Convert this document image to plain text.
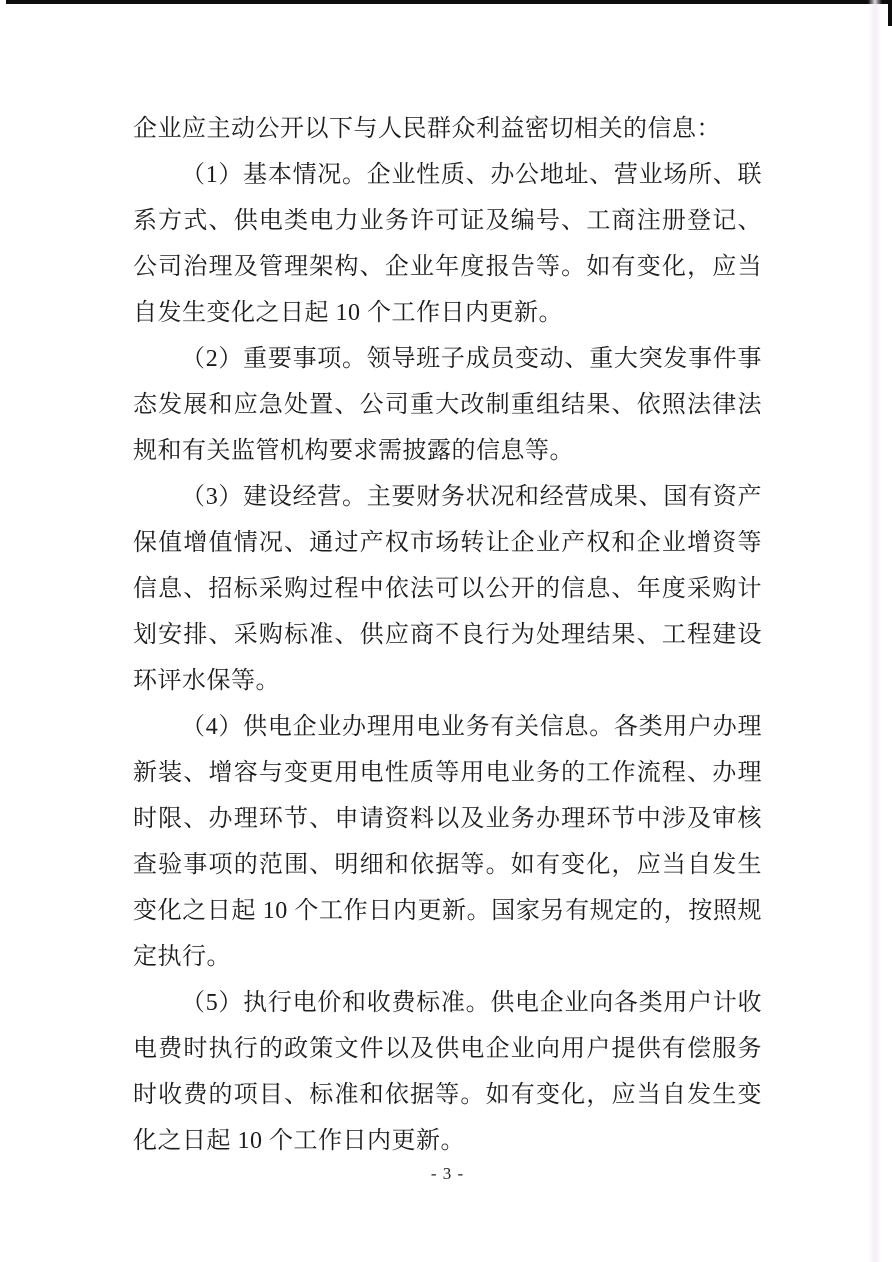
企业应主动公开以下与人民群众利益密切相关的信息：

（1）基本情况。企业性质、办公地址、营业场所、联系方式、供电类电力业务许可证及编号、工商注册登记、公司治理及管理架构、企业年度报告等。如有变化，应当自发生变化之日起 10 个工作日内更新。

（2）重要事项。领导班子成员变动、重大突发事件事态发展和应急处置、公司重大改制重组结果、依照法律法规和有关监管机构要求需披露的信息等。

（3）建设经营。主要财务状况和经营成果、国有资产保值增值情况、通过产权市场转让企业产权和企业增资等信息、招标采购过程中依法可以公开的信息、年度采购计划安排、采购标准、供应商不良行为处理结果、工程建设环评水保等。

（4）供电企业办理用电业务有关信息。各类用户办理新装、增容与变更用电性质等用电业务的工作流程、办理时限、办理环节、申请资料以及业务办理环节中涉及审核查验事项的范围、明细和依据等。如有变化，应当自发生变化之日起 10 个工作日内更新。国家另有规定的，按照规定执行。

（5）执行电价和收费标准。供电企业向各类用户计收电费时执行的政策文件以及供电企业向用户提供有偿服务时收费的项目、标准和依据等。如有变化，应当自发生变化之日起 10 个工作日内更新。

- 3 -
